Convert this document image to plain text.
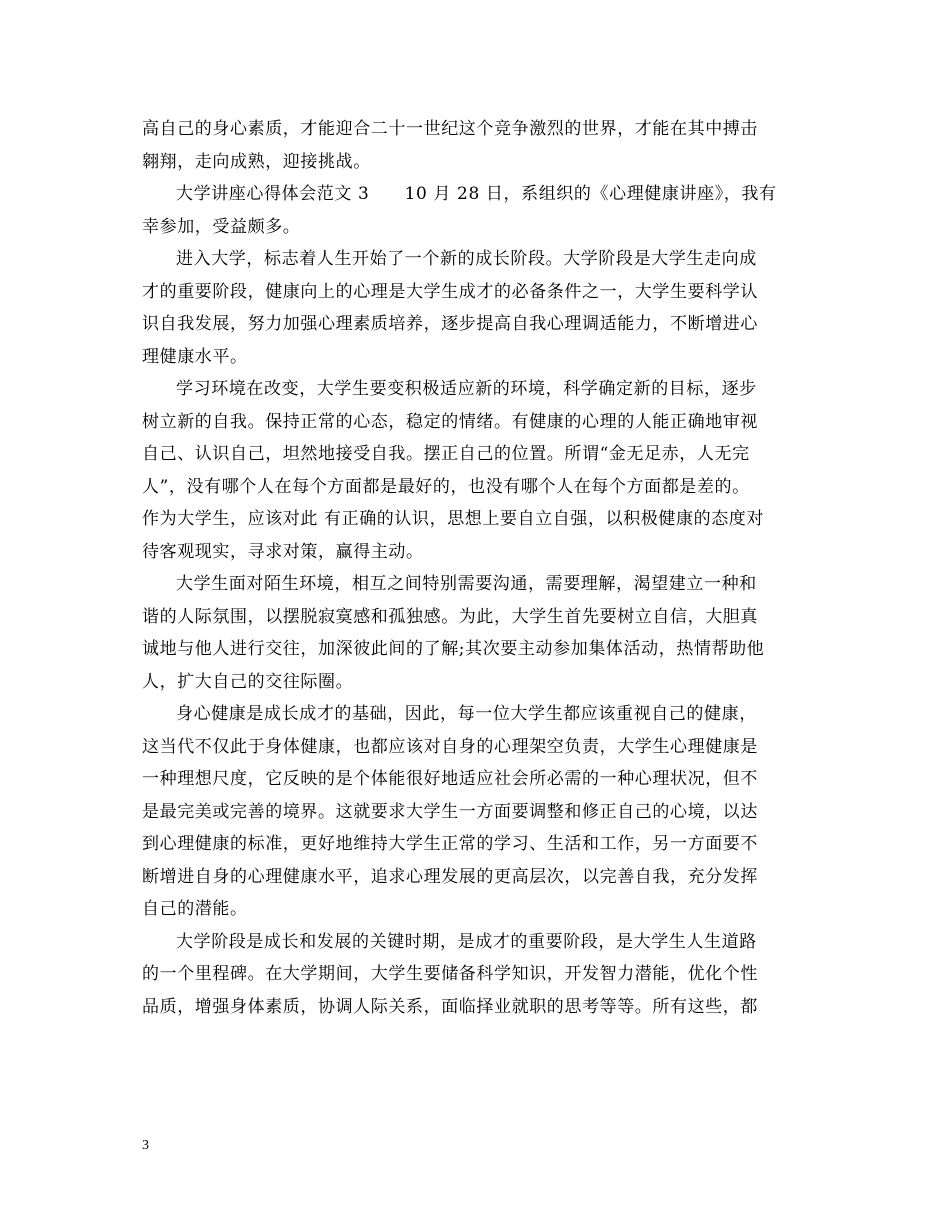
高自己的身心素质，才能迎合二十一世纪这个竞争激烈的世界，才能在其中搏击
翱翔，走向成熟，迎接挑战。
大学讲座心得体会范文 3　　10 月 28 日，系组织的《心理健康讲座》，我有
幸参加，受益颇多。
进入大学，标志着人生开始了一个新的成长阶段。大学阶段是大学生走向成
才的重要阶段，健康向上的心理是大学生成才的必备条件之一，大学生要科学认
识自我发展，努力加强心理素质培养，逐步提高自我心理调适能力，不断增进心
理健康水平。
学习环境在改变，大学生要变积极适应新的环境，科学确定新的目标，逐步
树立新的自我。保持正常的心态，稳定的情绪。有健康的心理的人能正确地审视
自己、认识自己，坦然地接受自我。摆正自己的位置。所谓“金无足赤，人无完
人”，没有哪个人在每个方面都是最好的，也没有哪个人在每个方面都是差的。
作为大学生，应该对此 有正确的认识，思想上要自立自强，以积极健康的态度对
待客观现实，寻求对策，赢得主动。
大学生面对陌生环境，相互之间特别需要沟通，需要理解，渴望建立一种和
谐的人际氛围，以摆脱寂寞感和孤独感。为此，大学生首先要树立自信，大胆真
诚地与他人进行交往，加深彼此间的了解;其次要主动参加集体活动，热情帮助他
人，扩大自己的交往际圈。
身心健康是成长成才的基础，因此，每一位大学生都应该重视自己的健康，
这当代不仅此于身体健康，也都应该对自身的心理架空负责，大学生心理健康是
一种理想尺度，它反映的是个体能很好地适应社会所必需的一种心理状况，但不
是最完美或完善的境界。这就要求大学生一方面要调整和修正自己的心境，以达
到心理健康的标准，更好地维持大学生正常的学习、生活和工作，另一方面要不
断增进自身的心理健康水平，追求心理发展的更高层次，以完善自我，充分发挥
自己的潜能。
大学阶段是成长和发展的关键时期，是成才的重要阶段，是大学生人生道路
的一个里程碑。在大学期间，大学生要储备科学知识，开发智力潜能，优化个性
品质，增强身体素质，协调人际关系，面临择业就职的思考等等。所有这些，都
3
